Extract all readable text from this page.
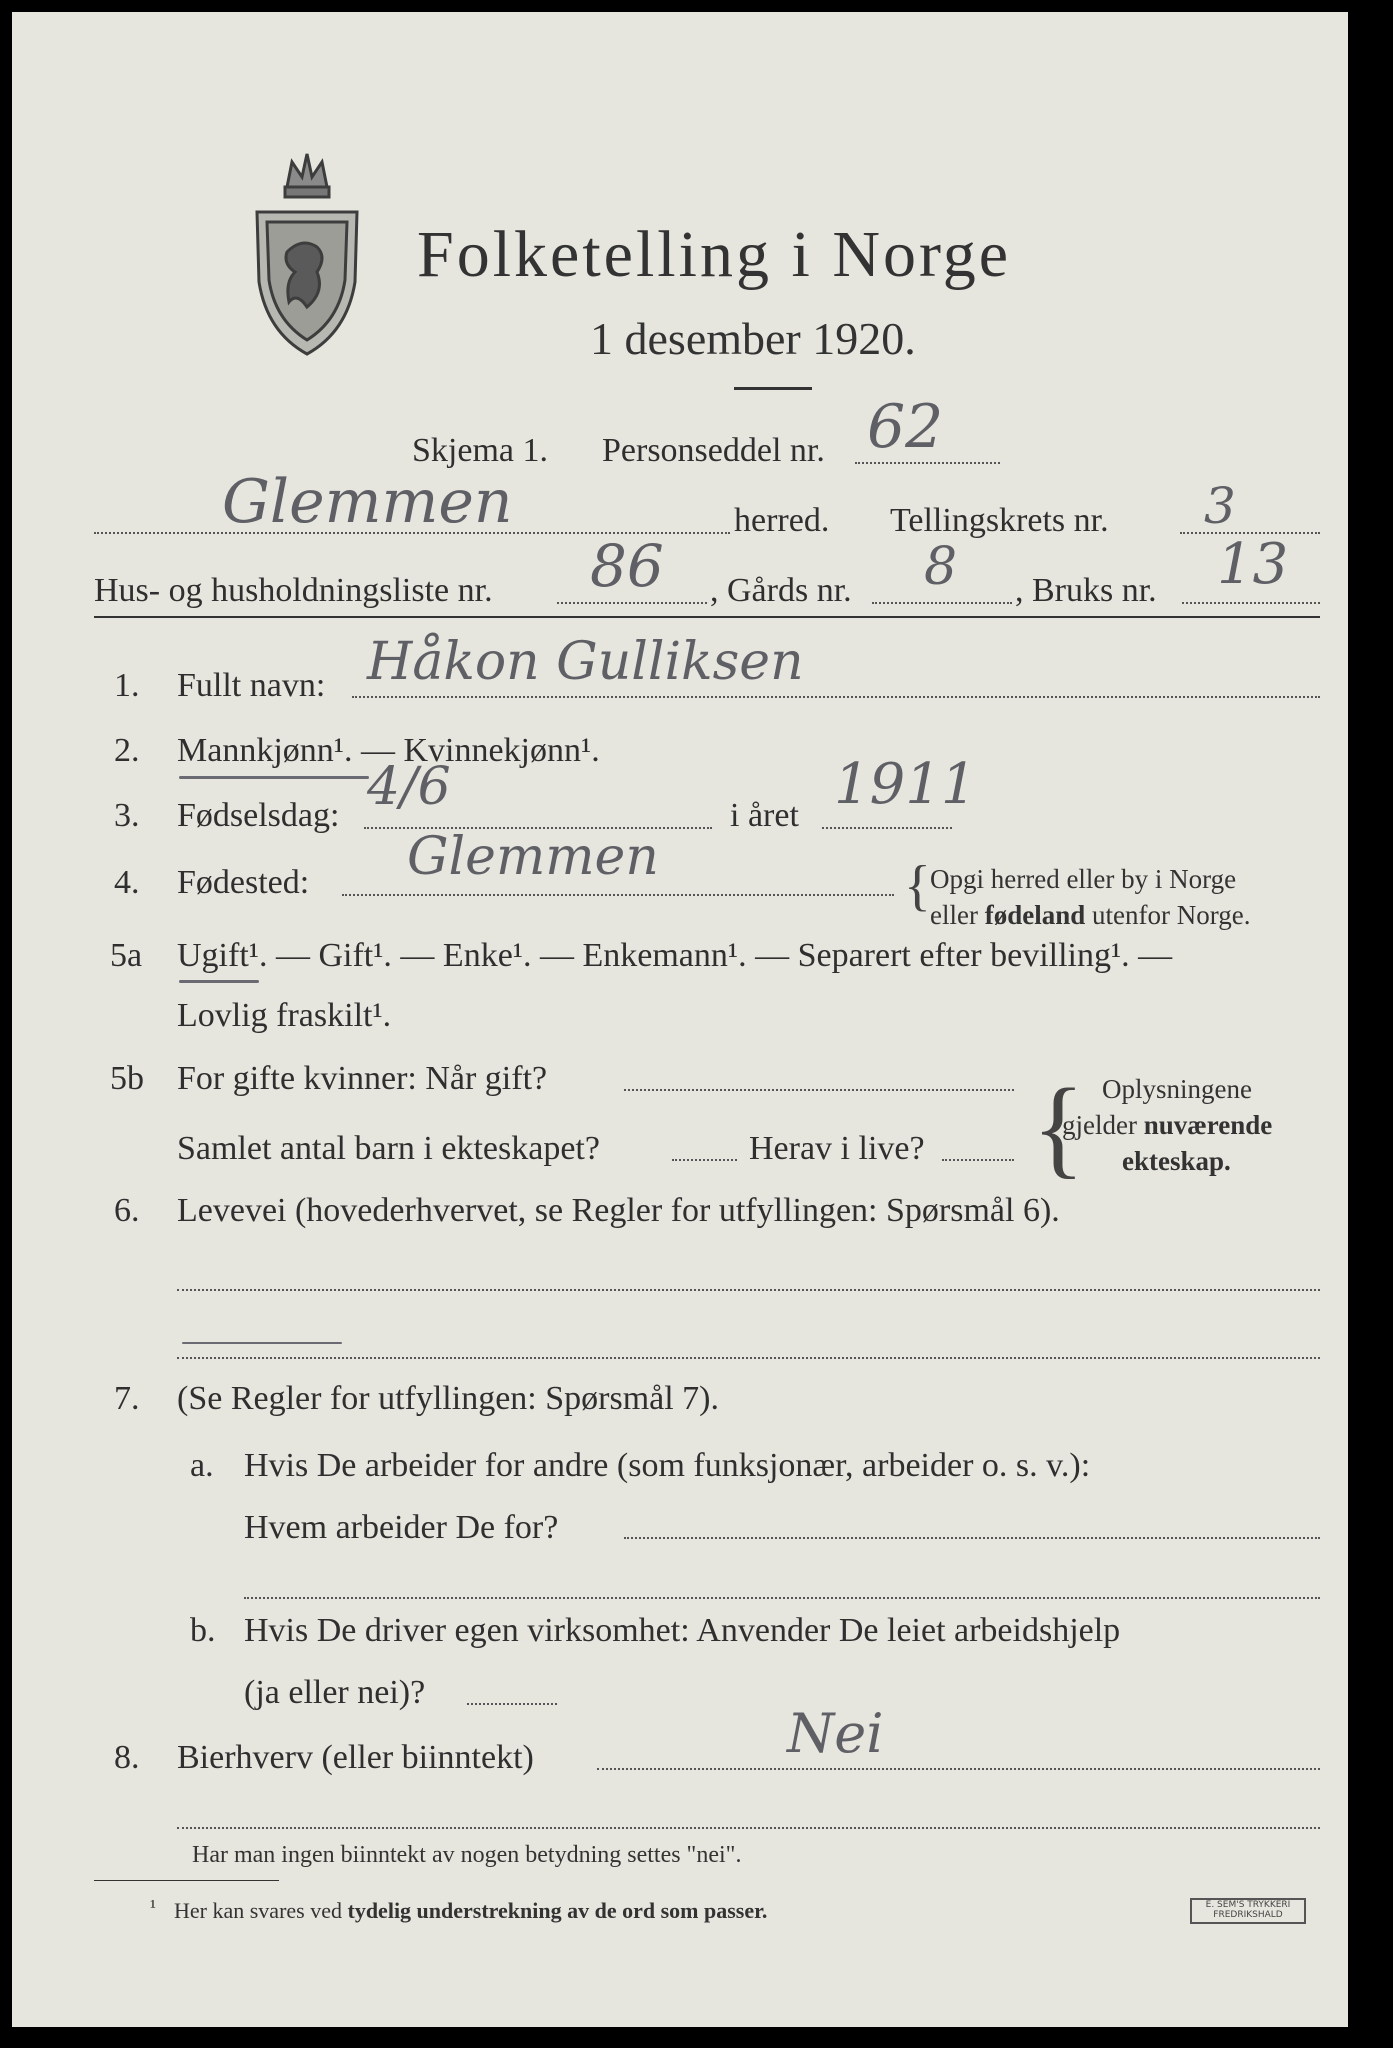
Folketelling i Norge
1 desember 1920.
Skjema 1. Personseddel nr. 62
Glemmen	herred. Tellingskrets nr. 3
Hus- og husholdningsliste nr. 86 , Gårds nr. 8 , Bruks nr. 13
1. Fullt navn: Håkon Gulliksen
2. Mannkjønn¹. — Kvinnekjønn¹.
3. Fødselsdag: 4/6	i året 1911
4. Fødested: Glemmen	{ Opgi herred eller by i Norge
eller fødeland utenfor Norge.
5a Ugift¹. — Gift¹. — Enke¹. — Enkemann¹. — Separert efter bevilling¹. —
Lovlig fraskilt¹.
5b For gifte kvinner: Når gift?
Samlet antal barn i ekteskapet?	Herav i live? { Oplysningene
gjelder nuværende
ekteskap.
6. Levevei (hovederhvervet, se Regler for utfyllingen: Spørsmål 6).
7. (Se Regler for utfyllingen: Spørsmål 7).
a. Hvis De arbeider for andre (som funksjonær, arbeider o. s. v.):
Hvem arbeider De for?
b. Hvis De driver egen virksomhet: Anvender De leiet arbeidshjelp
(ja eller nei)?
8. Bierhverv (eller biinntekt)	Nei
Har man ingen biinntekt av nogen betydning settes "nei".
¹ Her kan svares ved tydelig understrekning av de ord som passer.	E. SEM'S TRYKKERI
FREDRIKSHALD
